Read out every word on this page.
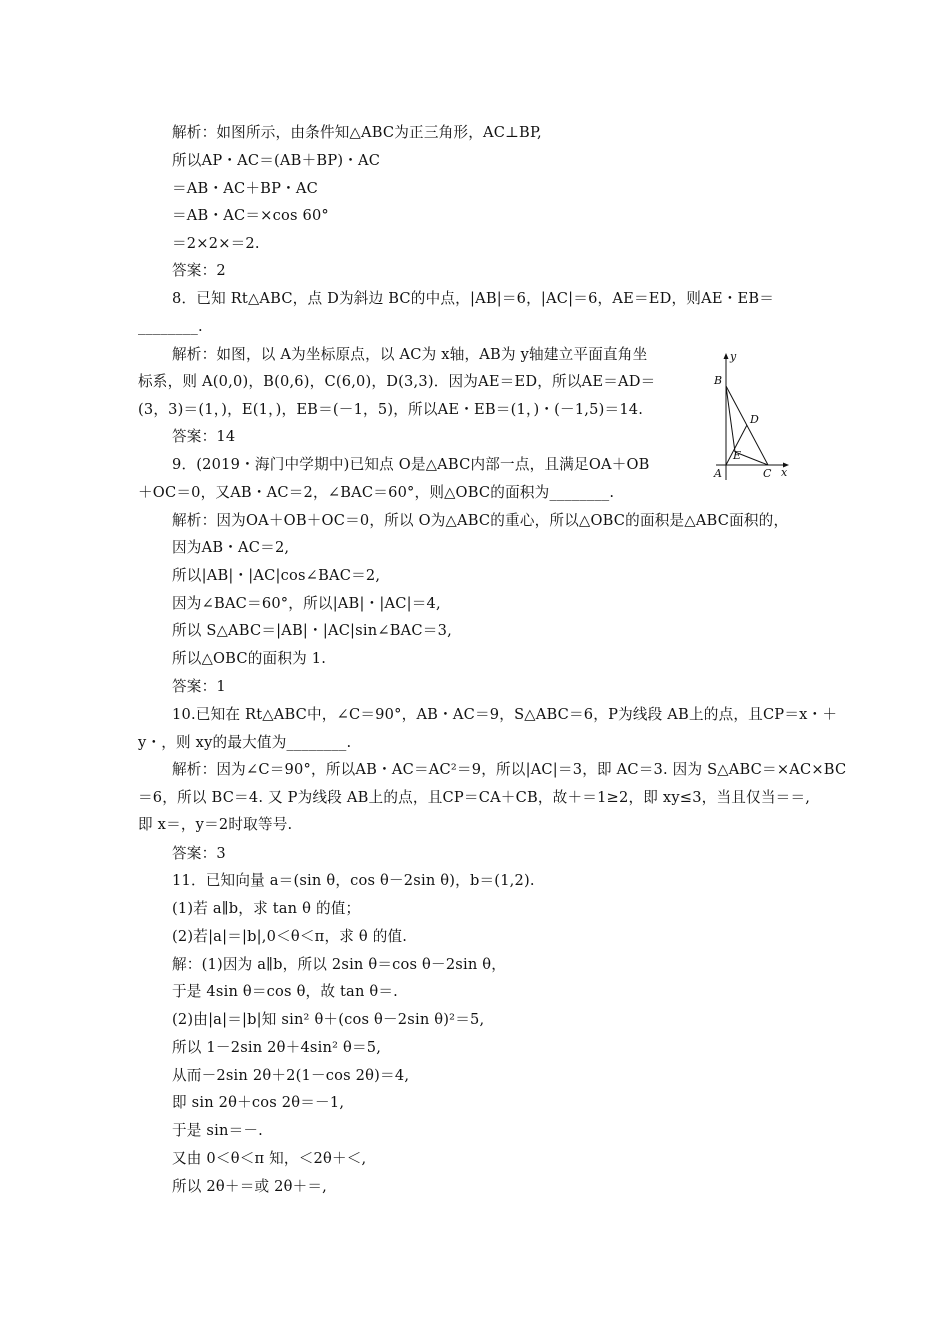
解析：如图所示，由条件知△ABC为正三角形，AC⊥BP,
所以AP・AC＝(AB＋BP)・AC
＝AB・AC＋BP・AC
＝AB・AC＝×cos 60°
＝2×2×＝2.
答案：2
8．已知 Rt△ABC，点 D为斜边 BC的中点，|AB|＝6，|AC|＝6，AE＝ED，则AE・EB＝
________.
解析：如图，以 A为坐标原点，以 AC为 x轴，AB为 y轴建立平面直角坐
标系，则 A(0,0)，B(0,6)，C(6,0)，D(3,3)．因为AE＝ED，所以AE＝AD＝
(3，3)＝(1，)，E(1，)，EB＝(－1，5)，所以AE・EB＝(1，)・(－1,5)＝14.
答案：14
9．(2019・海门中学期中)已知点 O是△ABC内部一点，且满足OA＋OB
＋OC＝0，又AB・AC＝2，∠BAC＝60°，则△OBC的面积为________.
解析：因为OA＋OB＋OC＝0，所以 O为△ABC的重心，所以△OBC的面积是△ABC面积的，
因为AB・AC＝2,
所以|AB|・|AC|cos∠BAC＝2,
因为∠BAC＝60°，所以|AB|・|AC|＝4,
所以 S△ABC＝|AB|・|AC|sin∠BAC＝3,
所以△OBC的面积为 1.
答案：1
10.已知在 Rt△ABC中，∠C＝90°，AB・AC＝9，S△ABC＝6，P为线段 AB上的点，且CP＝x・＋
y・，则 xy的最大值为________.
解析：因为∠C＝90°，所以AB・AC＝AC²＝9，所以|AC|＝3，即 AC＝3. 因为 S△ABC＝×AC×BC
＝6，所以 BC＝4. 又 P为线段 AB上的点，且CP＝CA＋CB，故＋＝1≥2，即 xy≤3，当且仅当＝＝,
即 x＝，y＝2时取等号.
答案：3
11．已知向量 a＝(sin θ，cos θ－2sin θ)，b＝(1,2).
(1)若 a∥b，求 tan θ 的值；
(2)若|a|＝|b|,0＜θ＜π，求 θ 的值.
解：(1)因为 a∥b，所以 2sin θ＝cos θ－2sin θ，
于是 4sin θ＝cos θ，故 tan θ＝.
(2)由|a|＝|b|知 sin² θ＋(cos θ－2sin θ)²＝5,
所以 1－2sin 2θ＋4sin² θ＝5,
从而－2sin 2θ＋2(1－cos 2θ)＝4,
即 sin 2θ＋cos 2θ＝－1,
于是 sin＝－.
又由 0＜θ＜π 知，＜2θ＋＜,
所以 2θ＋＝或 2θ＋＝,
y
x
B
D
E
A	C
